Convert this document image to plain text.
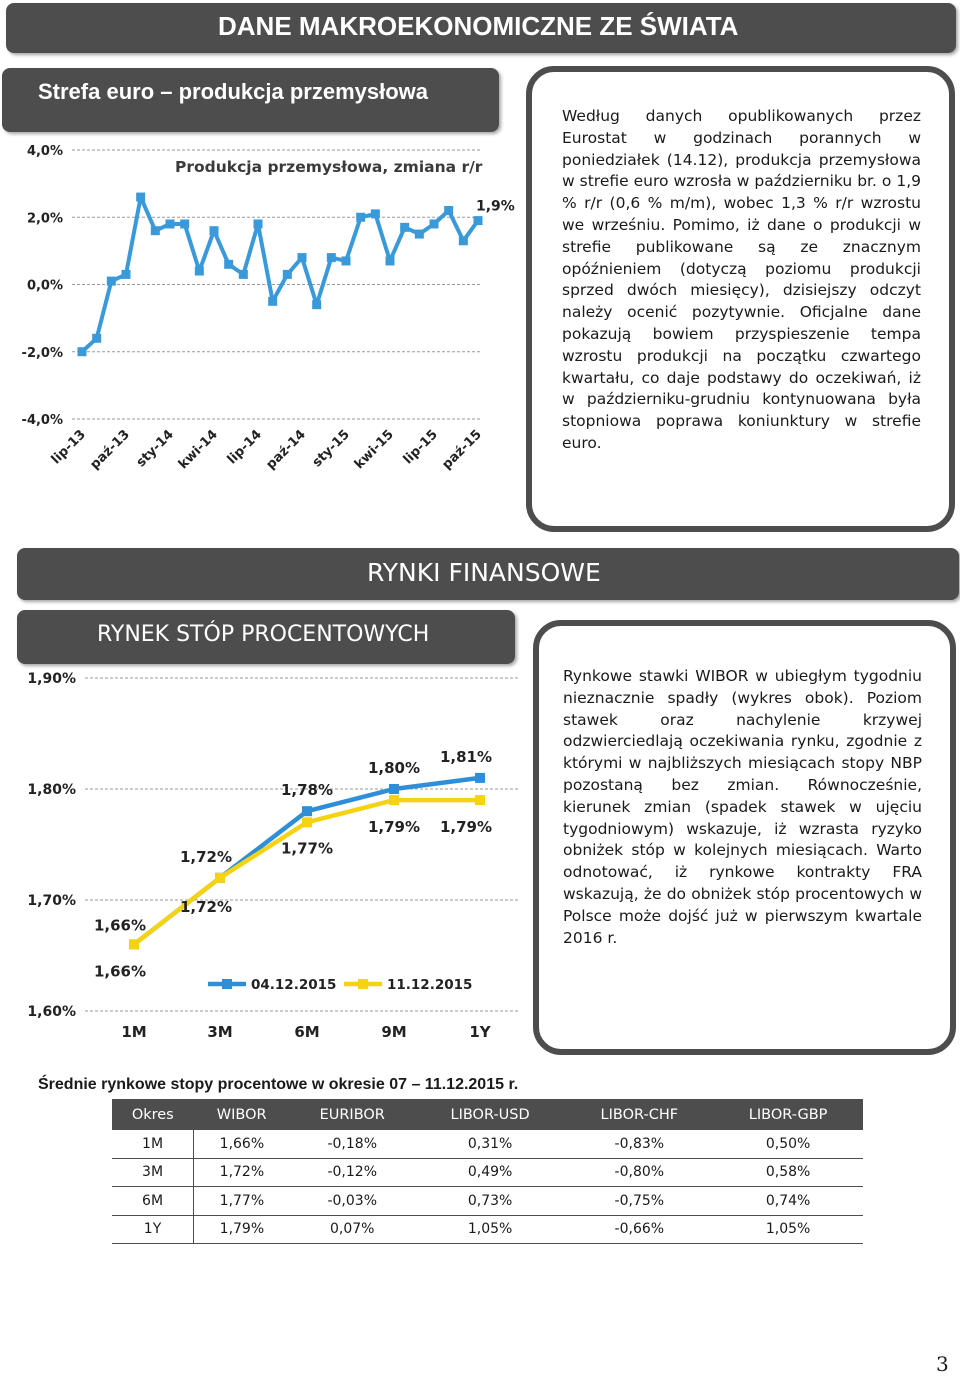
DANE MAKROEKONOMICZNE ZE ŚWIATA
Strefa euro – produkcja przemysłowa
4,0%
2,0%
0,0%
-2,0%
-4,0%
Produkcja przemysłowa, zmiana r/r
1,9%
lip-13
paź-13 sty-14 kwi-14 lip-14
paź-14 sty-15 kwi-15 lip-15
paź-15
Według danych opublikowanych przez Eurostat w godzinach porannych w poniedziałek (14.12), produkcja przemysłowa w strefie euro wzrosła w październiku br. o 1,9 % r/r (0,6 % m/m), wobec 1,3 % r/r wzrostu we wrześniu. Pomimo, iż dane o produkcji w strefie publikowane są ze znacznym opóźnieniem (dotyczą poziomu produkcji sprzed dwóch miesięcy), dzisiejszy odczyt należy ocenić pozytywnie. Oficjalne dane pokazują bowiem przyspieszenie tempa wzrostu produkcji na początku czwartego kwartału, co daje podstawy do oczekiwań, iż w październiku-grudniu kontynuowana była stopniowa poprawa koniunktury w strefie euro.
RYNKI FINANSOWE
RYNEK STÓP PROCENTOWYCH
1,90%
1,80%
1,70%
1,60%
1M	3M	6M	9M	1Y
1,66%
1,72%
1,78%
1,80%
1,81%
1,66%
1,72%
1,77%
1,79% 1,79%
04.12.2015	11.12.2015
Rynkowe stawki WIBOR w ubiegłym tygodniu nieznacznie spadły (wykres obok). Poziom stawek oraz nachylenie krzywej odzwierciedlają oczekiwania rynku, zgodnie z którymi w najbliższych miesiącach stopy NBP pozostaną bez zmian. Równocześnie, kierunek zmian (spadek stawek w ujęciu tygodniowym) wskazuje, iż wzrasta ryzyko obniżek stóp w kolejnych miesiącach. Warto odnotować, iż rynkowe kontrakty FRA wskazują, że do obniżek stóp procentowych w Polsce może dojść już w pierwszym kwartale 2016 r.
Średnie rynkowe stopy procentowe w okresie 07 – 11.12.2015 r.
Okres	WIBOR	EURIBOR	LIBOR-USD	LIBOR-CHF	LIBOR-GBP
1M	1,66%	-0,18%	0,31%	-0,83%	0,50%
3M	1,72%	-0,12%	0,49%	-0,80%	0,58%
6M	1,77%	-0,03%	0,73%	-0,75%	0,74%
1Y	1,79%	0,07%	1,05%	-0,66%	1,05%
3
